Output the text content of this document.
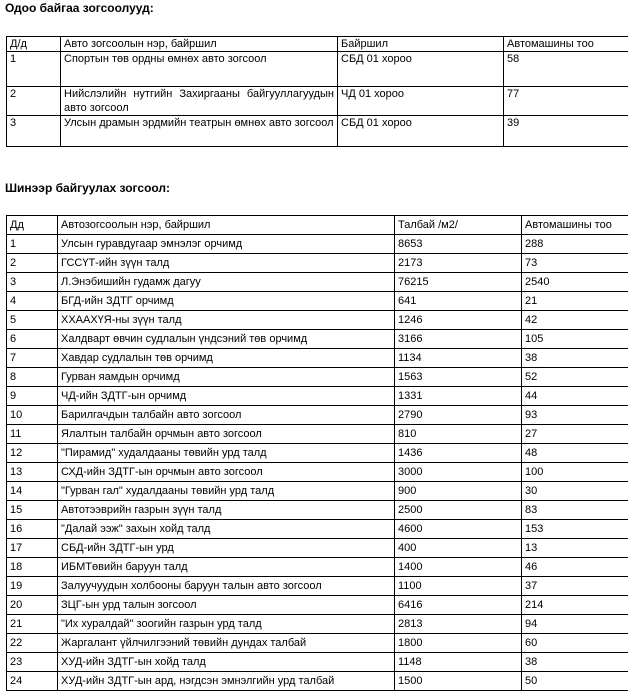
Одоо байгаа зогсоолууд:

Д/д	Авто зогсоолын нэр, байршил	Байршил	Автомашины тоо
1	Спортын төв ордны өмнөх авто зогсоол	СБД 01 хороо	58
2	Нийслэлийн нутгийн Захиргааны байгууллагуудын авто зогсоол	ЧД 01 хороо	77
3	Улсын драмын эрдмийн театрын өмнөх авто зогсоол	СБД 01 хороо	39

Шинээр байгуулах зогсоол:

Дд	Автозогсоолын нэр, байршил	Талбай /м2/	Автомашины тоо
1	Улсын гуравдугаар эмнэлэг орчимд	8653	288
2	ГССҮТ-ийн зүүн талд	2173	73
3	Л.Энэбишийн гудамж дагуу	76215	2540
4	БГД-ийн ЗДТГ орчимд	641	21
5	ХХААХҮЯ-ны зүүн талд	1246	42
6	Халдварт өвчин судлалын үндсэний төв орчимд	3166	105
7	Хавдар судлалын төв орчимд	1134	38
8	Гурван яамдын орчимд	1563	52
9	ЧД-ийн ЗДТГ-ын орчимд	1331	44
10	Барилгачдын талбайн авто зогсоол	2790	93
11	Ялалтын талбайн орчмын авто зогсоол	810	27
12	"Пирамид" худалдааны төвийн урд талд	1436	48
13	СХД-ийн ЗДТГ-ын орчмын авто зогсоол	3000	100
14	"Гурван гал" худалдааны төвийн урд талд	900	30
15	Автотээврийн газрын зүүн талд	2500	83
16	"Далай ээж" захын хойд талд	4600	153
17	СБД-ийн ЗДТГ-ын урд	400	13
18	ИБМТөвийн баруун талд	1400	46
19	Залуучуудын холбооны баруун талын авто зогсоол	1100	37
20	ЗЦГ-ын урд талын зогсоол	6416	214
21	"Их хуралдай" зоогийн газрын урд талд	2813	94
22	Жаргалант үйлчилгээний төвийн дундах талбай	1800	60
23	ХУД-ийн ЗДТГ-ын хойд талд	1148	38
24	ХУД-ийн ЗДТГ-ын ард, нэгдсэн эмнэлгийн урд талбай	1500	50
